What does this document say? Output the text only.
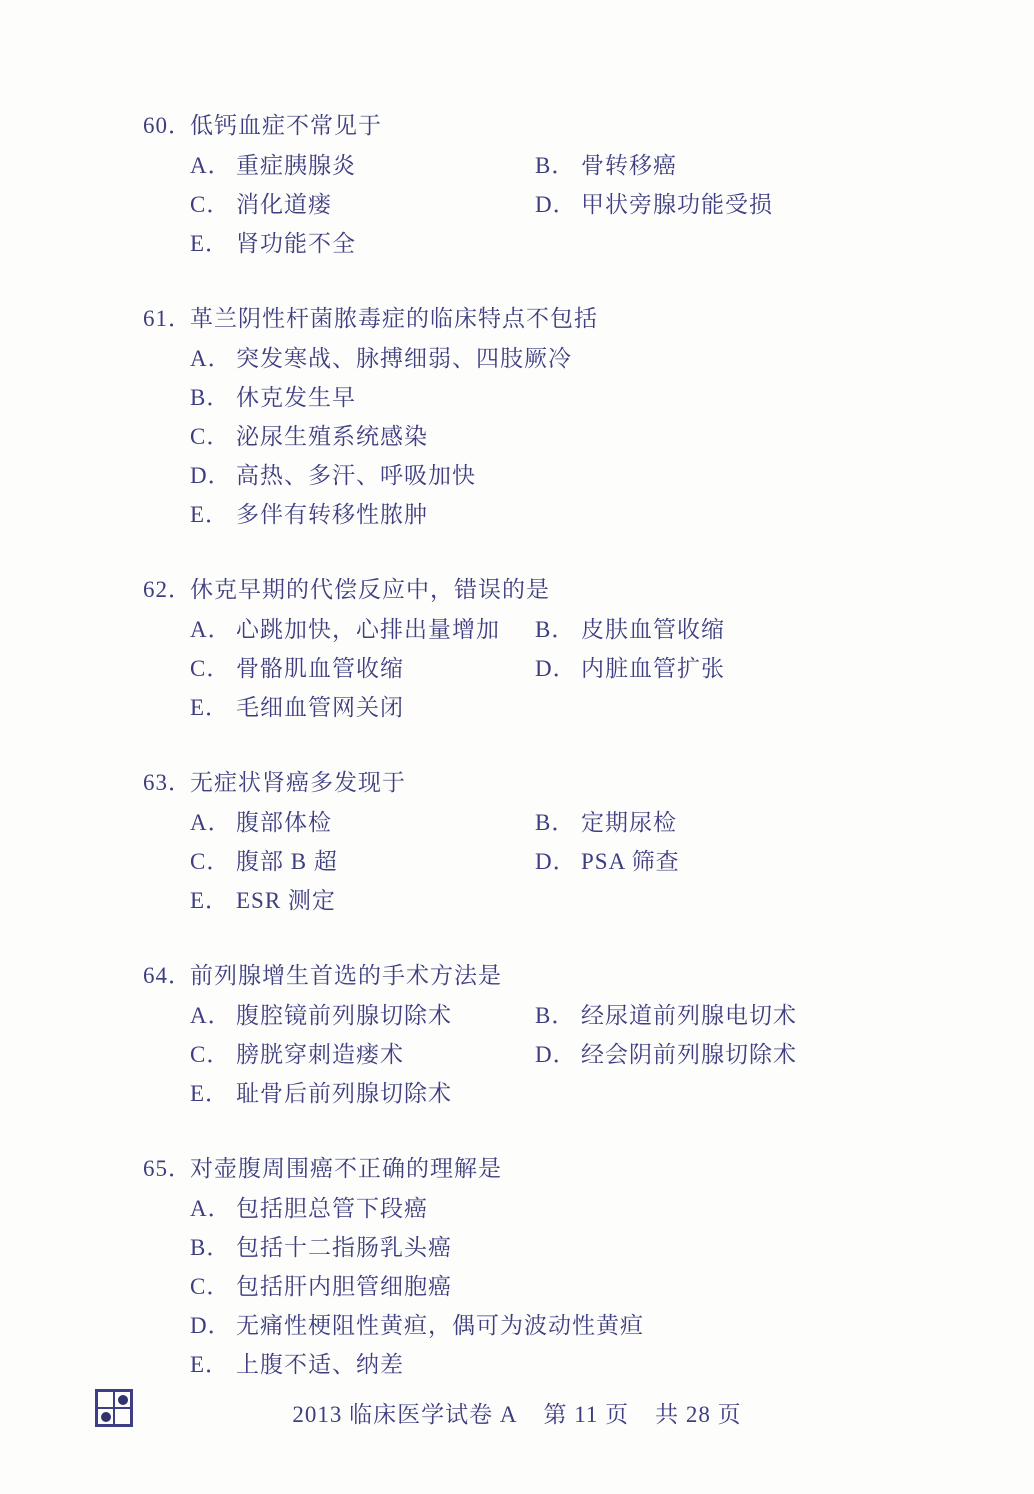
60．低钙血症不常见于
A． 重症胰腺炎	B． 骨转移癌
C． 消化道瘘	D． 甲状旁腺功能受损
E． 肾功能不全
61．革兰阴性杆菌脓毒症的临床特点不包括
A． 突发寒战、脉搏细弱、四肢厥冷
B． 休克发生早
C． 泌尿生殖系统感染
D． 高热、多汗、呼吸加快
E． 多伴有转移性脓肿
62．休克早期的代偿反应中，错误的是
A． 心跳加快，心排出量增加	B． 皮肤血管收缩
C． 骨骼肌血管收缩	D． 内脏血管扩张
E． 毛细血管网关闭
63．无症状肾癌多发现于
A． 腹部体检	B． 定期尿检
C． 腹部 B 超	D． PSA 筛查
E． ESR 测定
64．前列腺增生首选的手术方法是
A． 腹腔镜前列腺切除术	B． 经尿道前列腺电切术
C． 膀胱穿刺造瘘术	D． 经会阴前列腺切除术
E． 耻骨后前列腺切除术
65．对壶腹周围癌不正确的理解是
A． 包括胆总管下段癌
B． 包括十二指肠乳头癌
C． 包括肝内胆管细胞癌
D． 无痛性梗阻性黄疸，偶可为波动性黄疸
E． 上腹不适、纳差
2013 临床医学试卷 A 第 11 页 共 28 页
